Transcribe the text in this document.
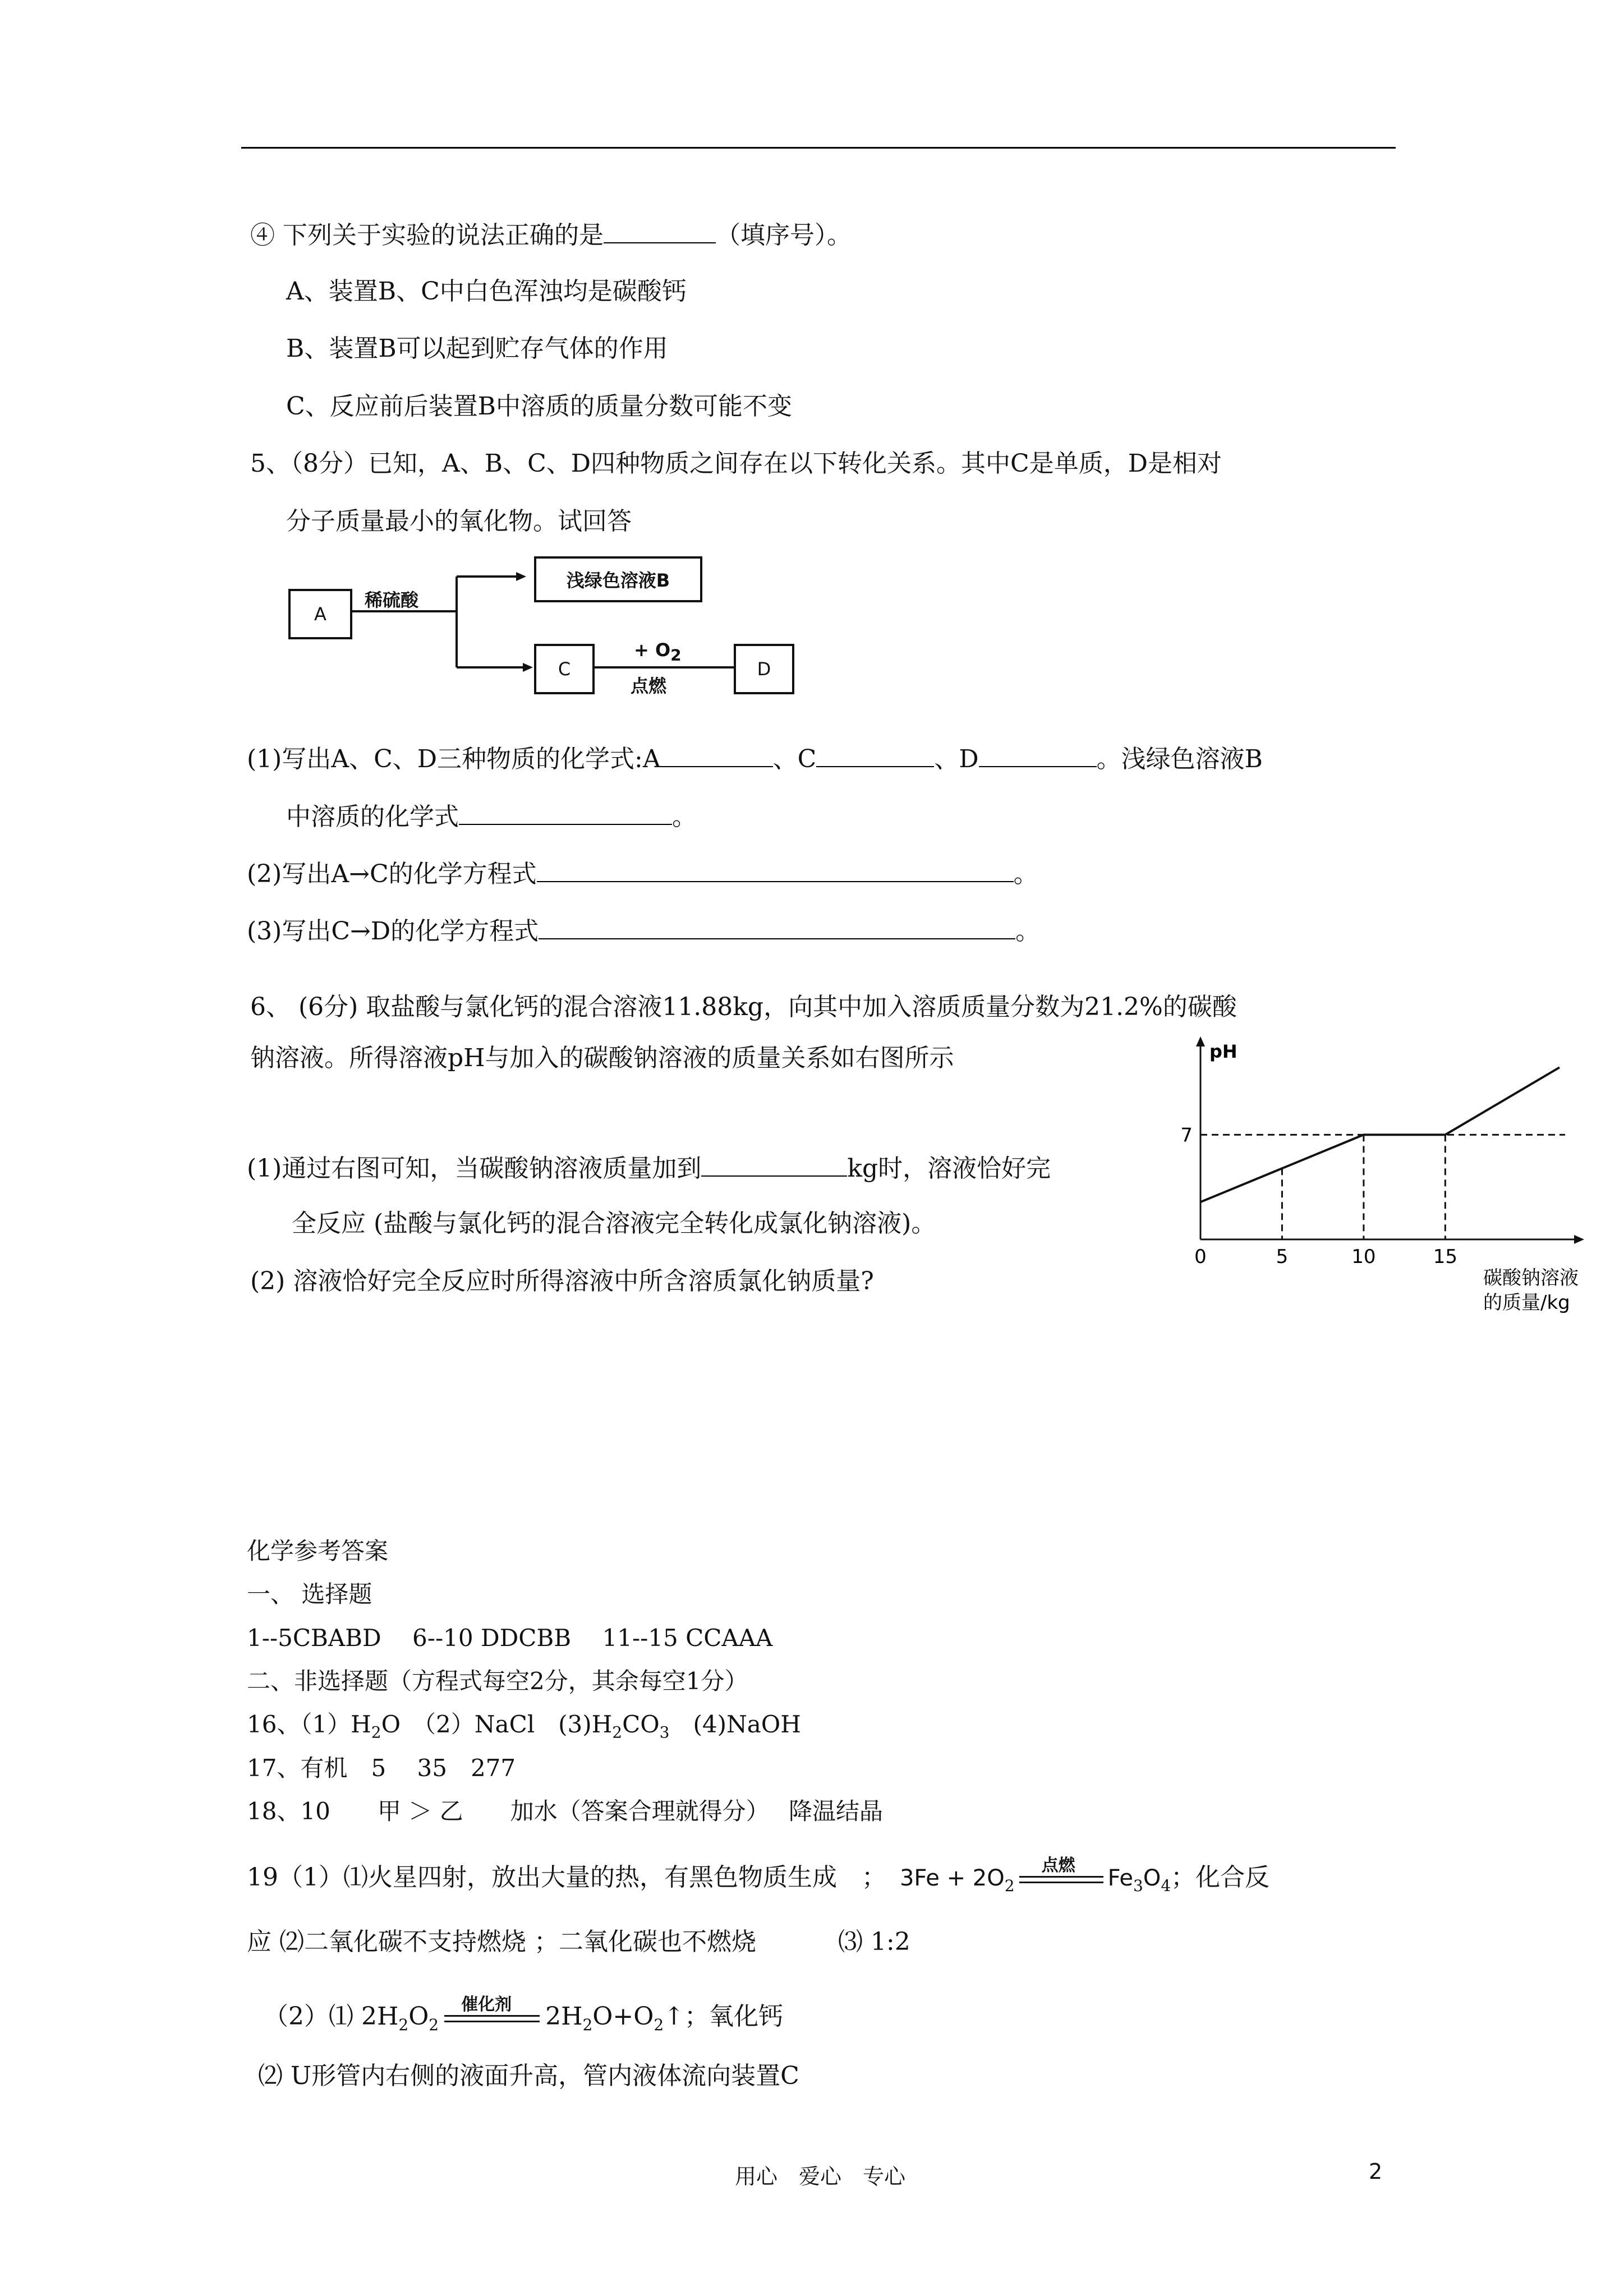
④ 下列关于实验的说法正确的是	（填序号）。
A、装置B、C中白色浑浊均是碳酸钙
B、装置B可以起到贮存气体的作用
C、反应前后装置B中溶质的质量分数可能不变
5、（8分）已知，A、B、C、D四种物质之间存在以下转化关系。其中C是单质，D是相对
分子质量最小的氧化物。试回答
A
稀硫酸
浅绿色溶液B
C
+ $O_2$
点燃
D
(1)写出A、C、D三种物质的化学式:A	、C	、D	。浅绿色溶液B
中溶质的化学式	。
(2)写出A→C的化学方程式	。
(3)写出C→D的化学方程式	。
6、 (6分) 取盐酸与氯化钙的混合溶液11.88kg，向其中加入溶质质量分数为21.2%的碳酸
钠溶液。所得溶液pH与加入的碳酸钠溶液的质量关系如右图所示
(1)通过右图可知，当碳酸钠溶液质量加到	kg时，溶液恰好完
全反应 (盐酸与氯化钙的混合溶液完全转化成氯化钠溶液)。
(2) 溶液恰好完全反应时所得溶液中所含溶质氯化钠质量?
0	5	10	15
7
pH
碳酸钠溶液
的质量/kg
化学参考答案
一、 选择题
1--5CBABD　 6--10 DDCBB　 11--15 CCAAA
二、非选择题（方程式每空2分，其余每空1分）
16、$(1)H_2O$　（2）NaCl　$(3)H_2CO_3$　(4)NaOH
17、有机　5　 35　277
18、10　　甲 ＞ 乙　　加水（答案合理就得分）　 降温结晶
19（1）⑴火星四射，放出大量的热，有黑色物质生成　； $3Fe + 2O_2$
点燃 $Fe_3O_4$；化合反
应 ⑵二氧化碳不支持燃烧 ；二氧化碳也不燃烧　　　 ⑶ 1:2
（2）⑴ $2H_2O_2$
催化剂 $2H_2O+O_2↑$；氧化钙
⑵ U形管内右侧的液面升高，管内液体流向装置C
用心　爱心　专心	2
